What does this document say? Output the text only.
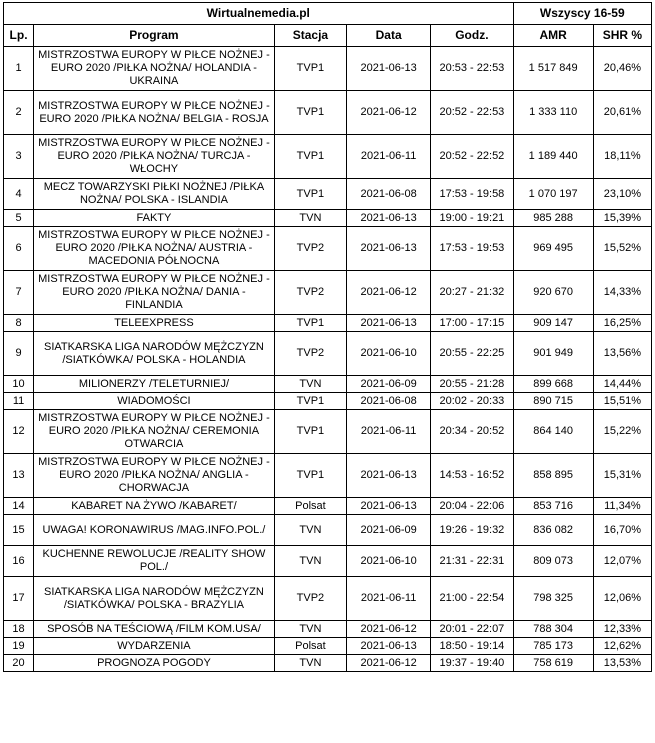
Wirtualnemedia.pl					Wszyscy 16-59	
Lp.	Program	Stacja	Data	Godz.	AMR	SHR %
1	MISTRZOSTWA EUROPY W PIŁCE NOŻNEJ - EURO 2020 /PIŁKA NOŻNA/ HOLANDIA - UKRAINA	TVP1	2021-06-13	20:53 - 22:53	1 517 849	20,46%
2	MISTRZOSTWA EUROPY W PIŁCE NOŻNEJ - EURO 2020 /PIŁKA NOŻNA/ BELGIA - ROSJA	TVP1	2021-06-12	20:52 - 22:53	1 333 110	20,61%
3	MISTRZOSTWA EUROPY W PIŁCE NOŻNEJ - EURO 2020 /PIŁKA NOŻNA/ TURCJA - WŁOCHY	TVP1	2021-06-11	20:52 - 22:52	1 189 440	18,11%
4	MECZ TOWARZYSKI PIŁKI NOŻNEJ /PIŁKA NOŻNA/ POLSKA - ISLANDIA	TVP1	2021-06-08	17:53 - 19:58	1 070 197	23,10%
5	FAKTY	TVN	2021-06-13	19:00 - 19:21	985 288	15,39%
6	MISTRZOSTWA EUROPY W PIŁCE NOŻNEJ - EURO 2020 /PIŁKA NOŻNA/ AUSTRIA - MACEDONIA PÓŁNOCNA	TVP2	2021-06-13	17:53 - 19:53	969 495	15,52%
7	MISTRZOSTWA EUROPY W PIŁCE NOŻNEJ - EURO 2020 /PIŁKA NOŻNA/ DANIA - FINLANDIA	TVP2	2021-06-12	20:27 - 21:32	920 670	14,33%
8	TELEEXPRESS	TVP1	2021-06-13	17:00 - 17:15	909 147	16,25%
9	SIATKARSKA LIGA NARODÓW MĘŻCZYZN /SIATKÓWKA/ POLSKA - HOLANDIA	TVP2	2021-06-10	20:55 - 22:25	901 949	13,56%
10	MILIONERZY /TELETURNIEJ/	TVN	2021-06-09	20:55 - 21:28	899 668	14,44%
11	WIADOMOŚCI	TVP1	2021-06-08	20:02 - 20:33	890 715	15,51%
12	MISTRZOSTWA EUROPY W PIŁCE NOŻNEJ - EURO 2020 /PIŁKA NOŻNA/ CEREMONIA OTWARCIA	TVP1	2021-06-11	20:34 - 20:52	864 140	15,22%
13	MISTRZOSTWA EUROPY W PIŁCE NOŻNEJ - EURO 2020 /PIŁKA NOŻNA/ ANGLIA - CHORWACJA	TVP1	2021-06-13	14:53 - 16:52	858 895	15,31%
14	KABARET NA ŻYWO /KABARET/	Polsat	2021-06-13	20:04 - 22:06	853 716	11,34%
15	UWAGA! KORONAWIRUS /MAG.INFO.POL./	TVN	2021-06-09	19:26 - 19:32	836 082	16,70%
16	KUCHENNE REWOLUCJE /REALITY SHOW POL./	TVN	2021-06-10	21:31 - 22:31	809 073	12,07%
17	SIATKARSKA LIGA NARODÓW MĘŻCZYZN /SIATKÓWKA/ POLSKA - BRAZYLIA	TVP2	2021-06-11	21:00 - 22:54	798 325	12,06%
18	SPOSÓB NA TEŚCIOWĄ /FILM KOM.USA/	TVN	2021-06-12	20:01 - 22:07	788 304	12,33%
19	WYDARZENIA	Polsat	2021-06-13	18:50 - 19:14	785 173	12,62%
20	PROGNOZA POGODY	TVN	2021-06-12	19:37 - 19:40	758 619	13,53%
